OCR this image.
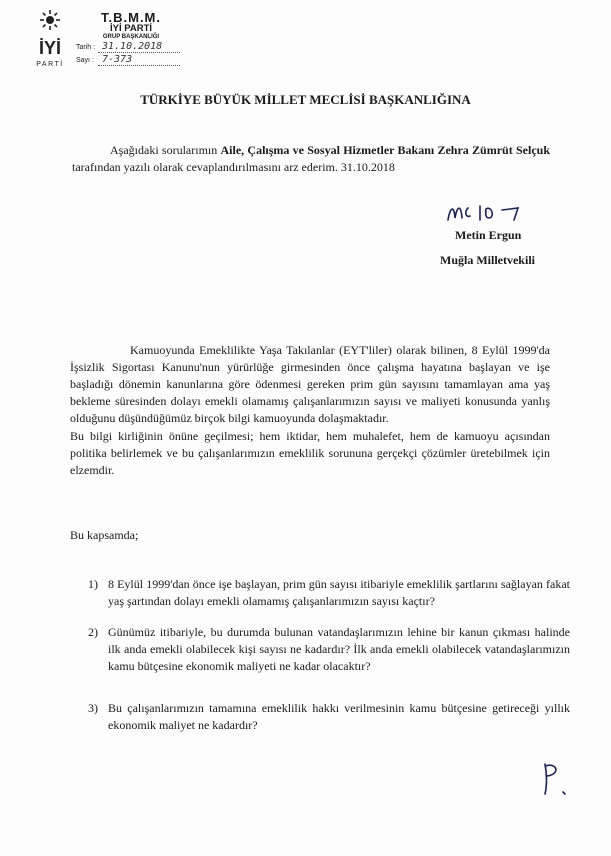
İYİ
PARTİ
T.B.M.M.
İYİ PARTİ
GRUP BAŞKANLIĞI
Tarih : 31.10.2018
Sayı : 7-373
TÜRKİYE BÜYÜK MİLLET MECLİSİ BAŞKANLIĞINA
Aşağıdaki sorularımın Aile, Çalışma ve Sosyal Hizmetler Bakanı Zehra Zümrüt Selçuk tarafından yazılı olarak cevaplandırılmasını arz ederim. 31.10.2018
Metin Ergun
Muğla Milletvekili
Kamuoyunda Emeklilikte Yaşa Takılanlar (EYT'liler) olarak bilinen, 8 Eylül 1999'da İşsizlik Sigortası Kanunu'nun yürürlüğe girmesinden önce çalışma hayatına başlayan ve işe başladığı dönemin kanunlarına göre ödenmesi gereken prim gün sayısını tamamlayan ama yaş bekleme süresinden dolayı emekli olamamış çalışanlarımızın sayısı ve maliyeti konusunda yanlış olduğunu düşündüğümüz birçok bilgi kamuoyunda dolaşmaktadır.
Bu bilgi kirliğinin önüne geçilmesi; hem iktidar, hem muhalefet, hem de kamuoyu açısından politika belirlemek ve bu çalışanlarımızın emeklilik sorununa gerçekçi çözümler üretebilmek için elzemdir.
Bu kapsamda;
1) 8 Eylül 1999'dan önce işe başlayan, prim gün sayısı itibariyle emeklilik şartlarını sağlayan fakat yaş şartından dolayı emekli olamamış çalışanlarımızın sayısı kaçtır?
2) Günümüz itibariyle, bu durumda bulunan vatandaşlarımızın lehine bir kanun çıkması halinde ilk anda emekli olabilecek kişi sayısı ne kadardır? İlk anda emekli olabilecek vatandaşlarımızın kamu bütçesine ekonomik maliyeti ne kadar olacaktır?
3) Bu çalışanlarımızın tamamına emeklilik hakkı verilmesinin kamu bütçesine getireceği yıllık ekonomik maliyet ne kadardır?
